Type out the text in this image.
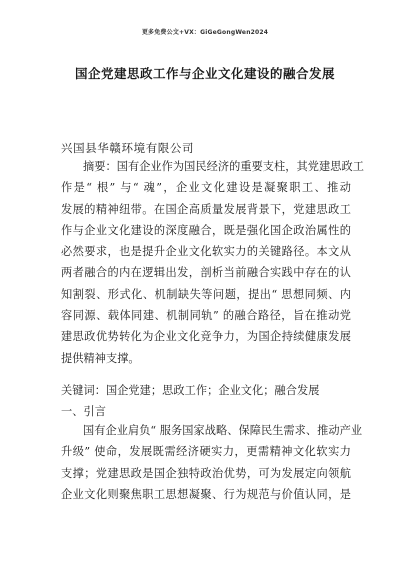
更多免费公文+VX：GiGeGongWen2024
国企党建思政工作与企业文化建设的融合发展
兴国县华赣环境有限公司
摘要：国有企业作为国民经济的重要支柱，其党建思政工
作是“ 根” 与“ 魂”，企业文化建设是凝聚职工、推动
发展的精神纽带。在国企高质量发展背景下，党建思政工
作与企业文化建设的深度融合，既是强化国企政治属性的
必然要求，也是提升企业文化软实力的关键路径。本文从
两者融合的内在逻辑出发，剖析当前融合实践中存在的认
知割裂、形式化、机制缺失等问题，提出“ 思想同频、内
容同源、载体同建、机制同轨” 的融合路径，旨在推动党
建思政优势转化为企业文化竞争力，为国企持续健康发展
提供精神支撑。
关键词：国企党建；思政工作；企业文化；融合发展
一、引言
国有企业肩负“ 服务国家战略、保障民生需求、推动产业
升级” 使命，发展既需经济硬实力，更需精神文化软实力
支撑；党建思政是国企独特政治优势，可为发展定向领航
企业文化则聚焦职工思想凝聚、行为规范与价值认同，是
